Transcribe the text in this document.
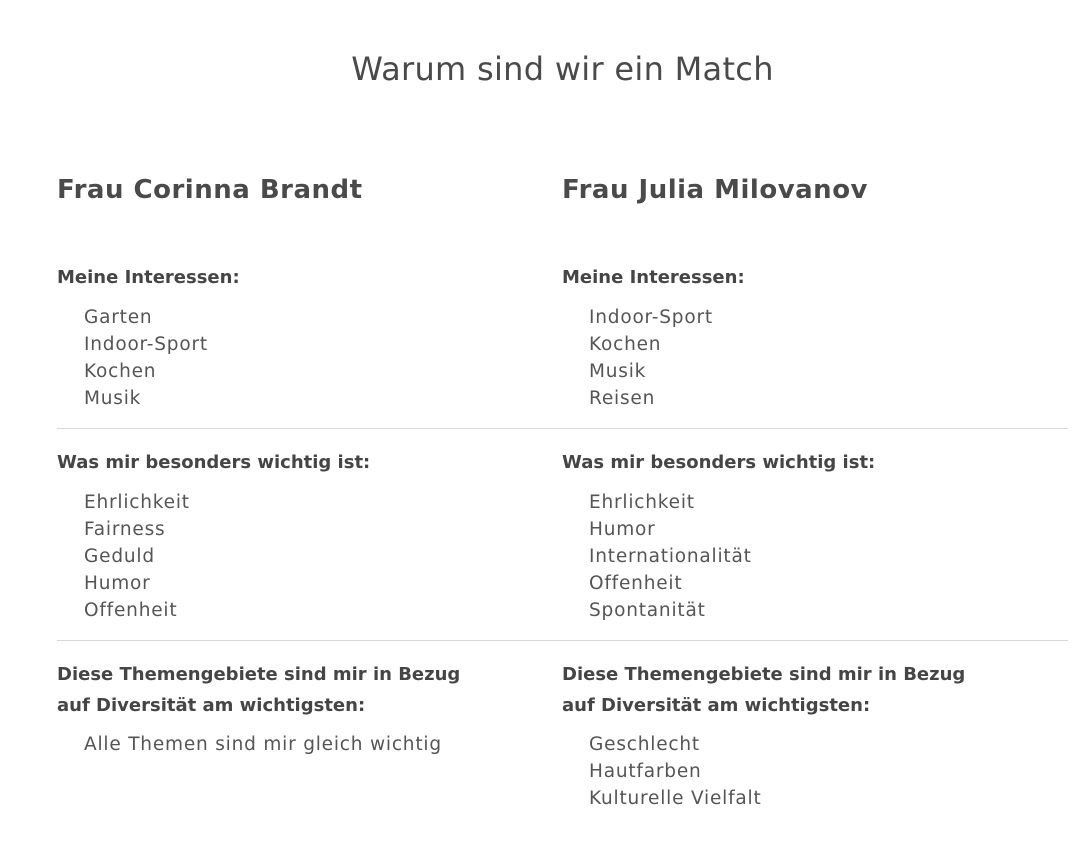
Warum sind wir ein Match
Frau Corinna Brandt
Meine Interessen:
Garten
Indoor-Sport
Kochen
Musik
Was mir besonders wichtig ist:
Ehrlichkeit
Fairness
Geduld
Humor
Offenheit
Diese Themengebiete sind mir in Bezug
auf Diversität am wichtigsten:
Alle Themen sind mir gleich wichtig
Frau Julia Milovanov
Meine Interessen:
Indoor-Sport
Kochen
Musik
Reisen
Was mir besonders wichtig ist:
Ehrlichkeit
Humor
Internationalität
Offenheit
Spontanität
Diese Themengebiete sind mir in Bezug
auf Diversität am wichtigsten:
Geschlecht
Hautfarben
Kulturelle Vielfalt
